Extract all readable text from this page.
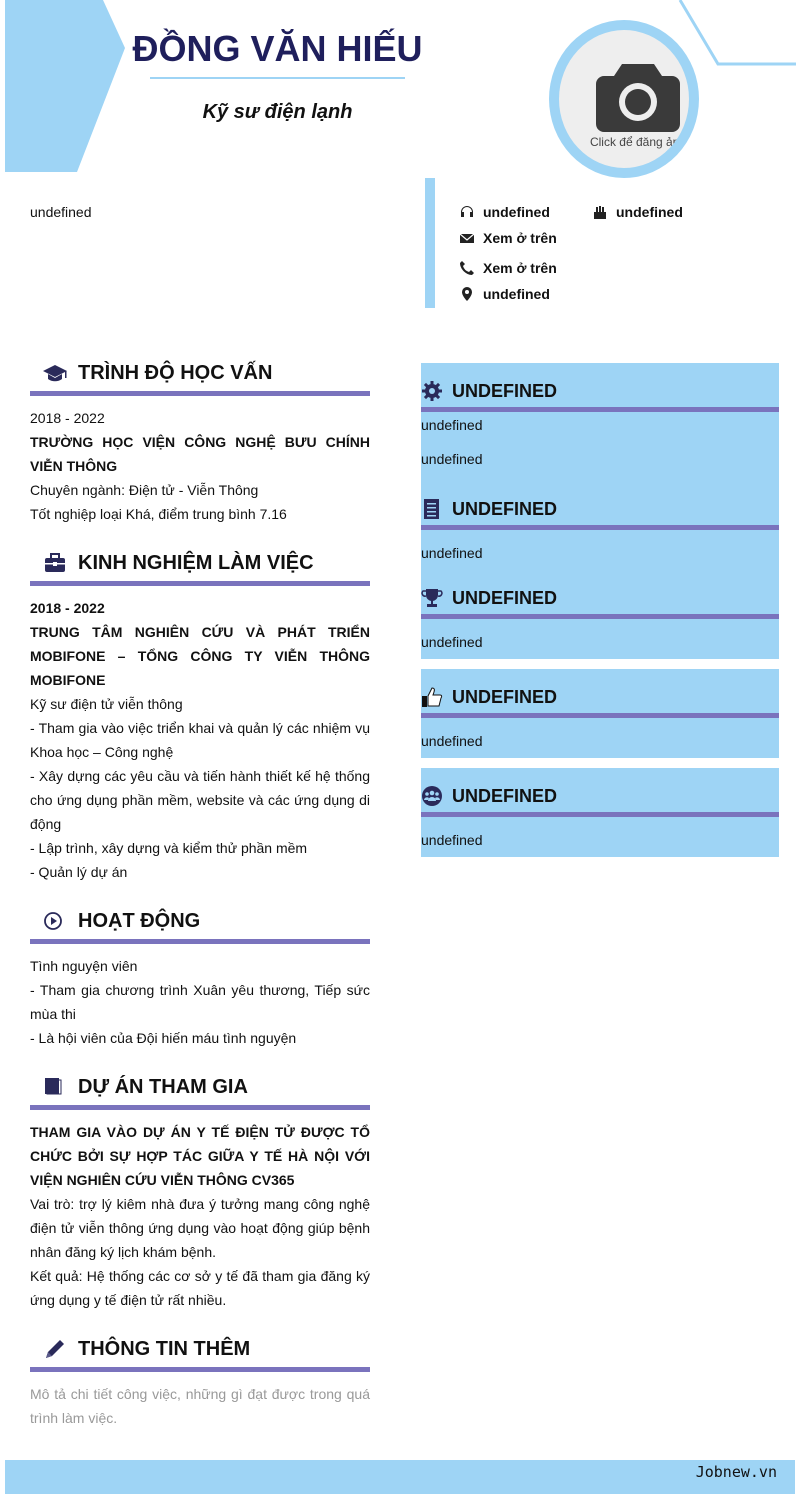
ĐỒNG VĂN HIẾU
Kỹ sư điện lạnh
Click để đăng ảnh
undefined	undefined	undefined
Xem ở trên
Xem ở trên
undefined
TRÌNH ĐỘ HỌC VẤN
2018 - 2022
TRƯỜNG HỌC VIỆN CÔNG NGHỆ BƯU CHÍNH VIỄN THÔNG
Chuyên ngành: Điện tử - Viễn Thông
Tốt nghiệp loại Khá, điểm trung bình 7.16
KINH NGHIỆM LÀM VIỆC
2018 - 2022
TRUNG TÂM NGHIÊN CỨU VÀ PHÁT TRIỂN MOBIFONE – TỔNG CÔNG TY VIỄN THÔNG MOBIFONE
Kỹ sư điện tử viễn thông
- Tham gia vào việc triển khai và quản lý các nhiệm vụ Khoa học – Công nghệ
- Xây dựng các yêu cầu và tiến hành thiết kế hệ thống cho ứng dụng phần mềm, website và các ứng dụng di động
- Lập trình, xây dựng và kiểm thử phần mềm
- Quản lý dự án
HOẠT ĐỘNG
Tình nguyện viên
- Tham gia chương trình Xuân yêu thương, Tiếp sức mùa thi
- Là hội viên của Đội hiến máu tình nguyện
DỰ ÁN THAM GIA
THAM GIA VÀO DỰ ÁN Y TẾ ĐIỆN TỬ ĐƯỢC TỔ CHỨC BỞI SỰ HỢP TÁC GIỮA Y TẾ HÀ NỘI VỚI VIỆN NGHIÊN CỨU VIỄN THÔNG CV365
Vai trò: trợ lý kiêm nhà đưa ý tưởng mang công nghệ điện tử viễn thông ứng dụng vào hoạt động giúp bệnh nhân đăng ký lịch khám bệnh.
Kết quả: Hệ thống các cơ sở y tế đã tham gia đăng ký ứng dụng y tế điện tử rất nhiều.
THÔNG TIN THÊM
Mô tả chi tiết công việc, những gì đạt được trong quá trình làm việc.
UNDEFINED
undefined
undefined
UNDEFINED
undefined
UNDEFINED
undefined
UNDEFINED
undefined
UNDEFINED
undefined
Jobnew.vn
